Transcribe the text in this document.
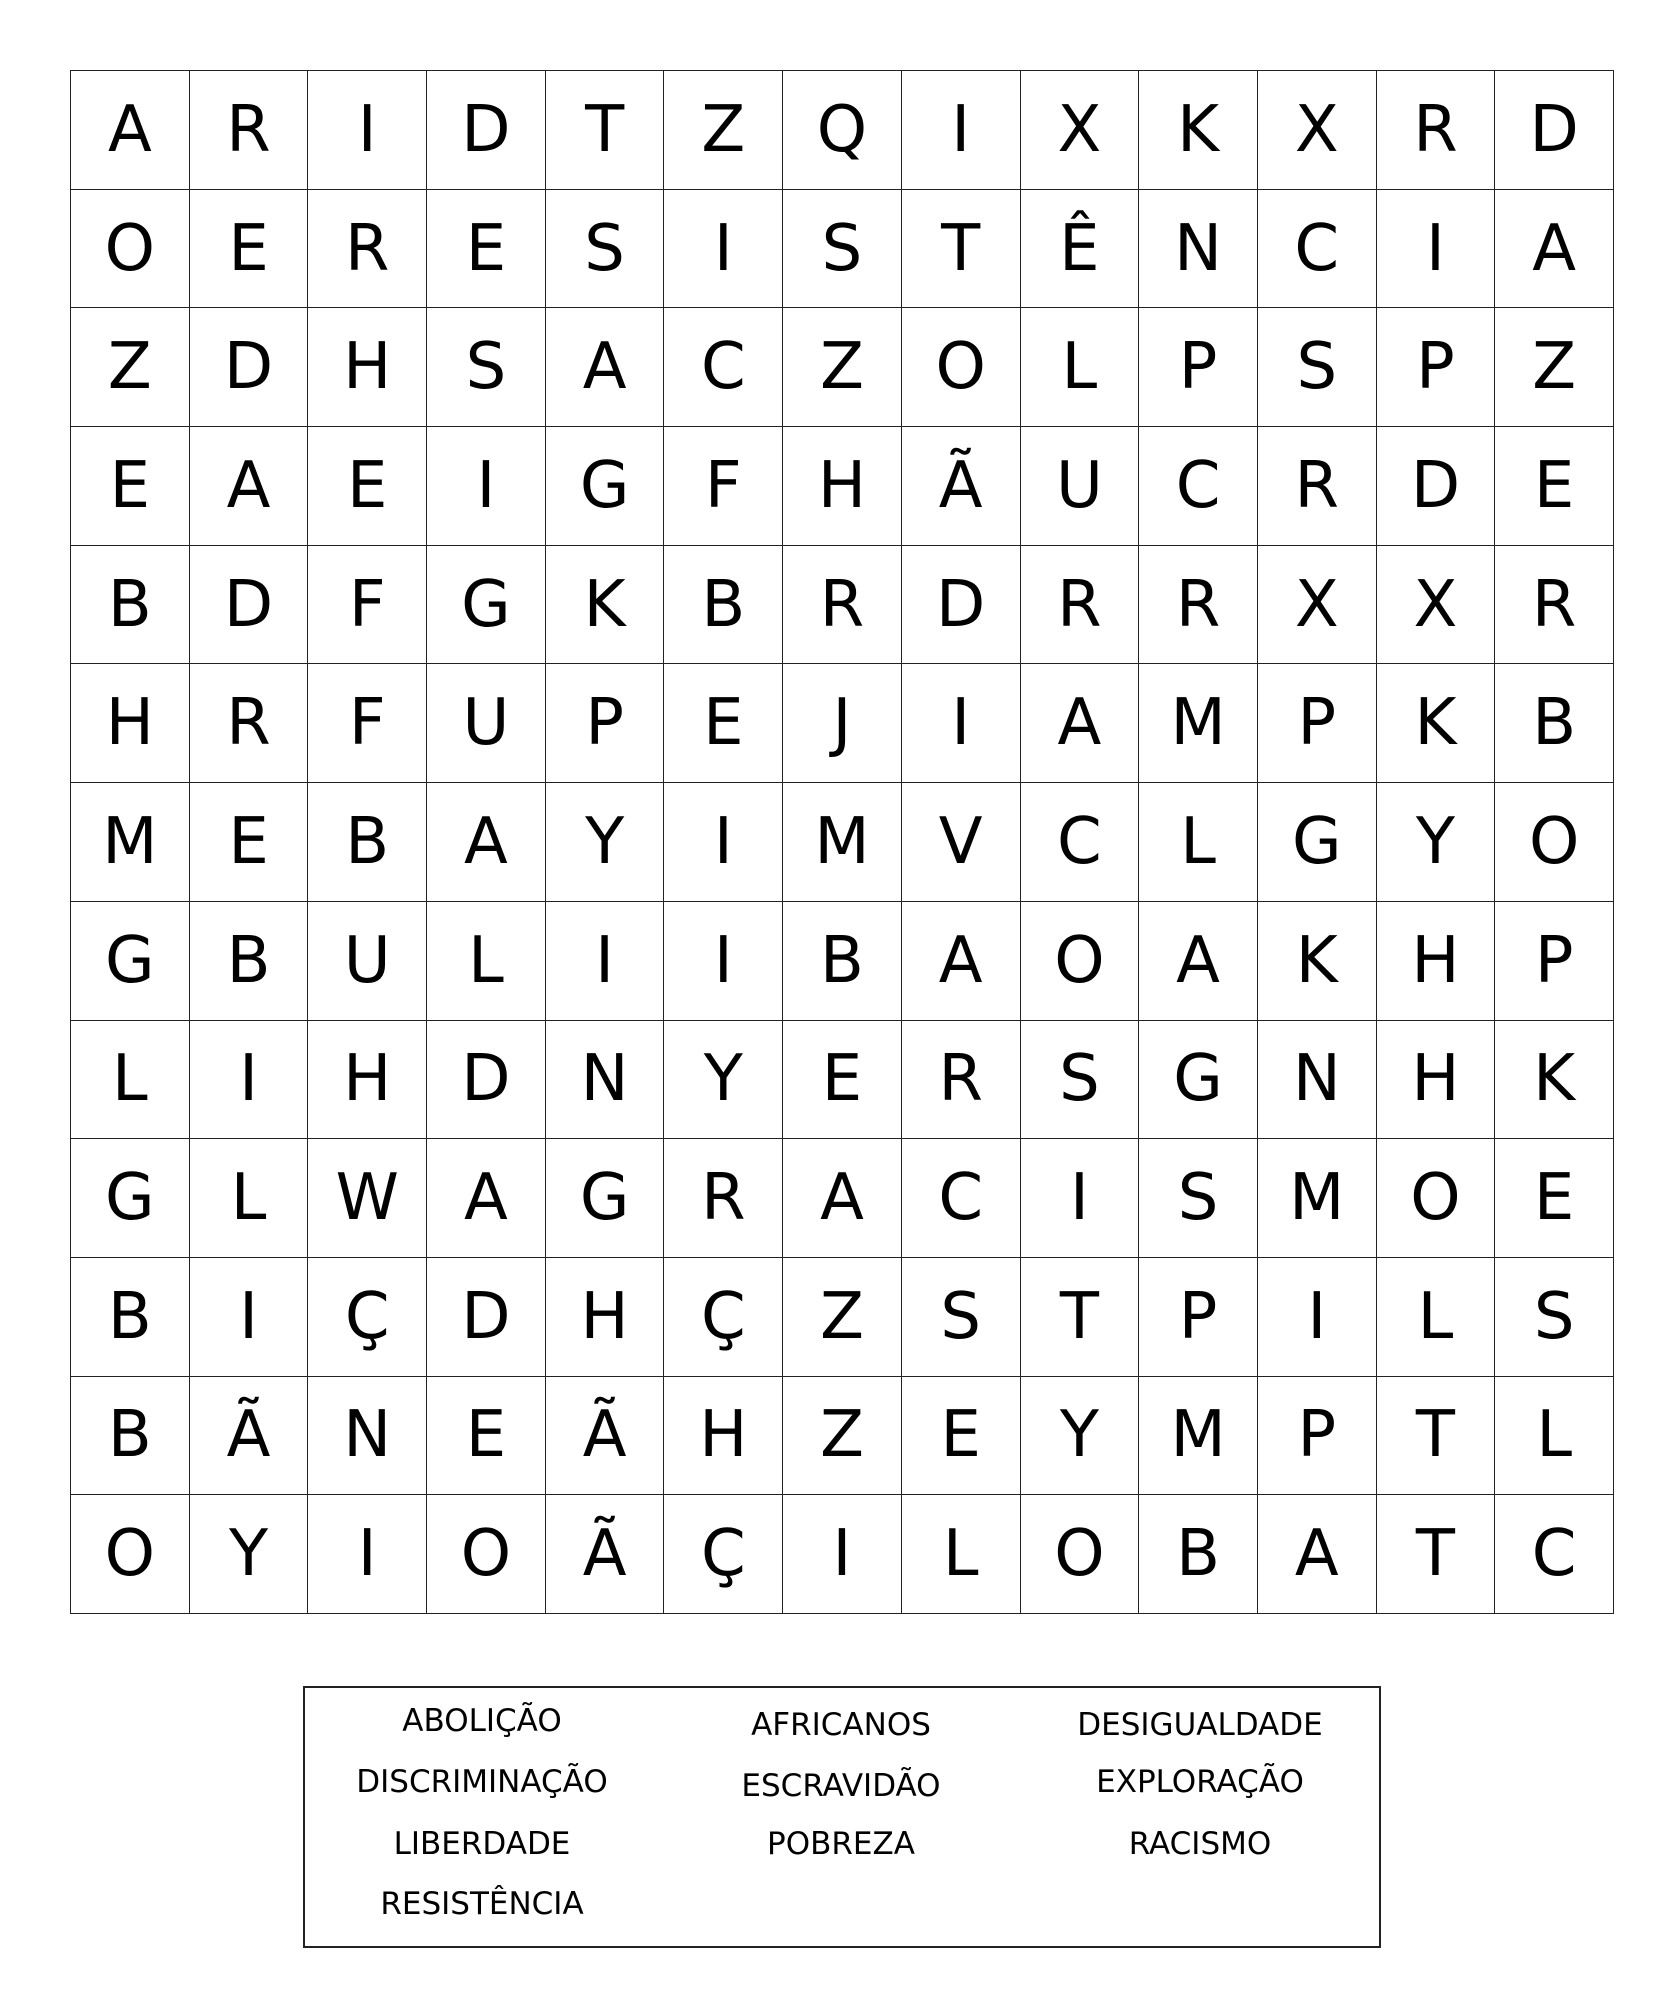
A	R	I	D	T	Z	Q	I	X	K	X	R	D
O	E	R	E	S	I	S	T	Ê	N	C	I	A
Z	D	H	S	A	C	Z	O	L	P	S	P	Z
E	A	E	I	G	F	H	Ã	U	C	R	D	E
B	D	F	G	K	B	R	D	R	R	X	X	R
H	R	F	U	P	E	J	I	A	M	P	K	B
M	E	B	A	Y	I	M	V	C	L	G	Y	O
G	B	U	L	I	I	B	A	O	A	K	H	P
L	I	H	D	N	Y	E	R	S	G	N	H	K
G	L	W	A	G	R	A	C	I	S	M	O	E
B	I	Ç	D	H	Ç	Z	S	T	P	I	L	S
B	Ã	N	E	Ã	H	Z	E	Y	M	P	T	L
O	Y	I	O	Ã	Ç	I	L	O	B	A	T	C
ABOLIÇÃO	AFRICANOS	DESIGUALDADE
DISCRIMINAÇÃO	ESCRAVIDÃO	EXPLORAÇÃO
LIBERDADE	POBREZA	RACISMO
RESISTÊNCIA
